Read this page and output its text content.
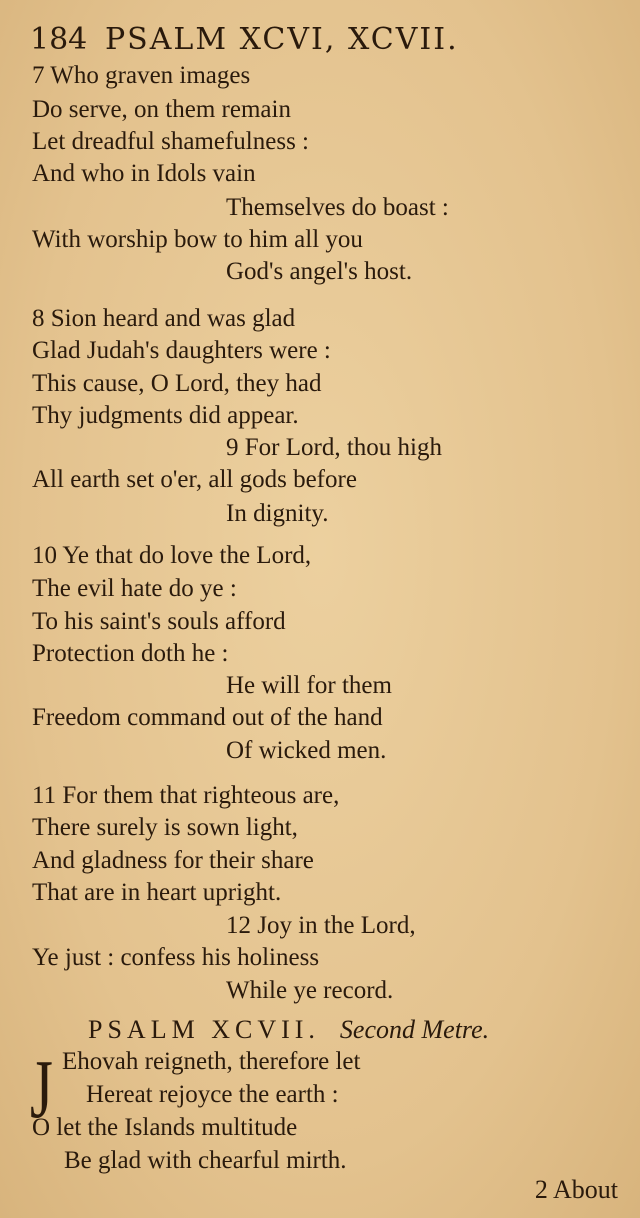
184 PSALM XCVI, XCVII.
7 Who graven images
Do serve, on them remain
Let dreadful shamefulness :
And who in Idols vain
Themselves do boast :
With worship bow to him all you
God's angel's host.
8 Sion heard and was glad
Glad Judah's daughters were :
This cause, O Lord, they had
Thy judgments did appear.
9 For Lord, thou high
All earth set o'er, all gods before
In dignity.
10 Ye that do love the Lord,
The evil hate do ye :
To his saint's souls afford
Protection doth he :
He will for them
Freedom command out of the hand
Of wicked men.
11 For them that righteous are,
There surely is sown light,
And gladness for their share
That are in heart upright.
12 Joy in the Lord,
Ye just : confess his holiness
While ye record.
PSALM XCVII. Second Metre.
J Ehovah reigneth, therefore let
Hereat rejoyce the earth :
O let the Islands multitude
Be glad with chearful mirth.
2 About
